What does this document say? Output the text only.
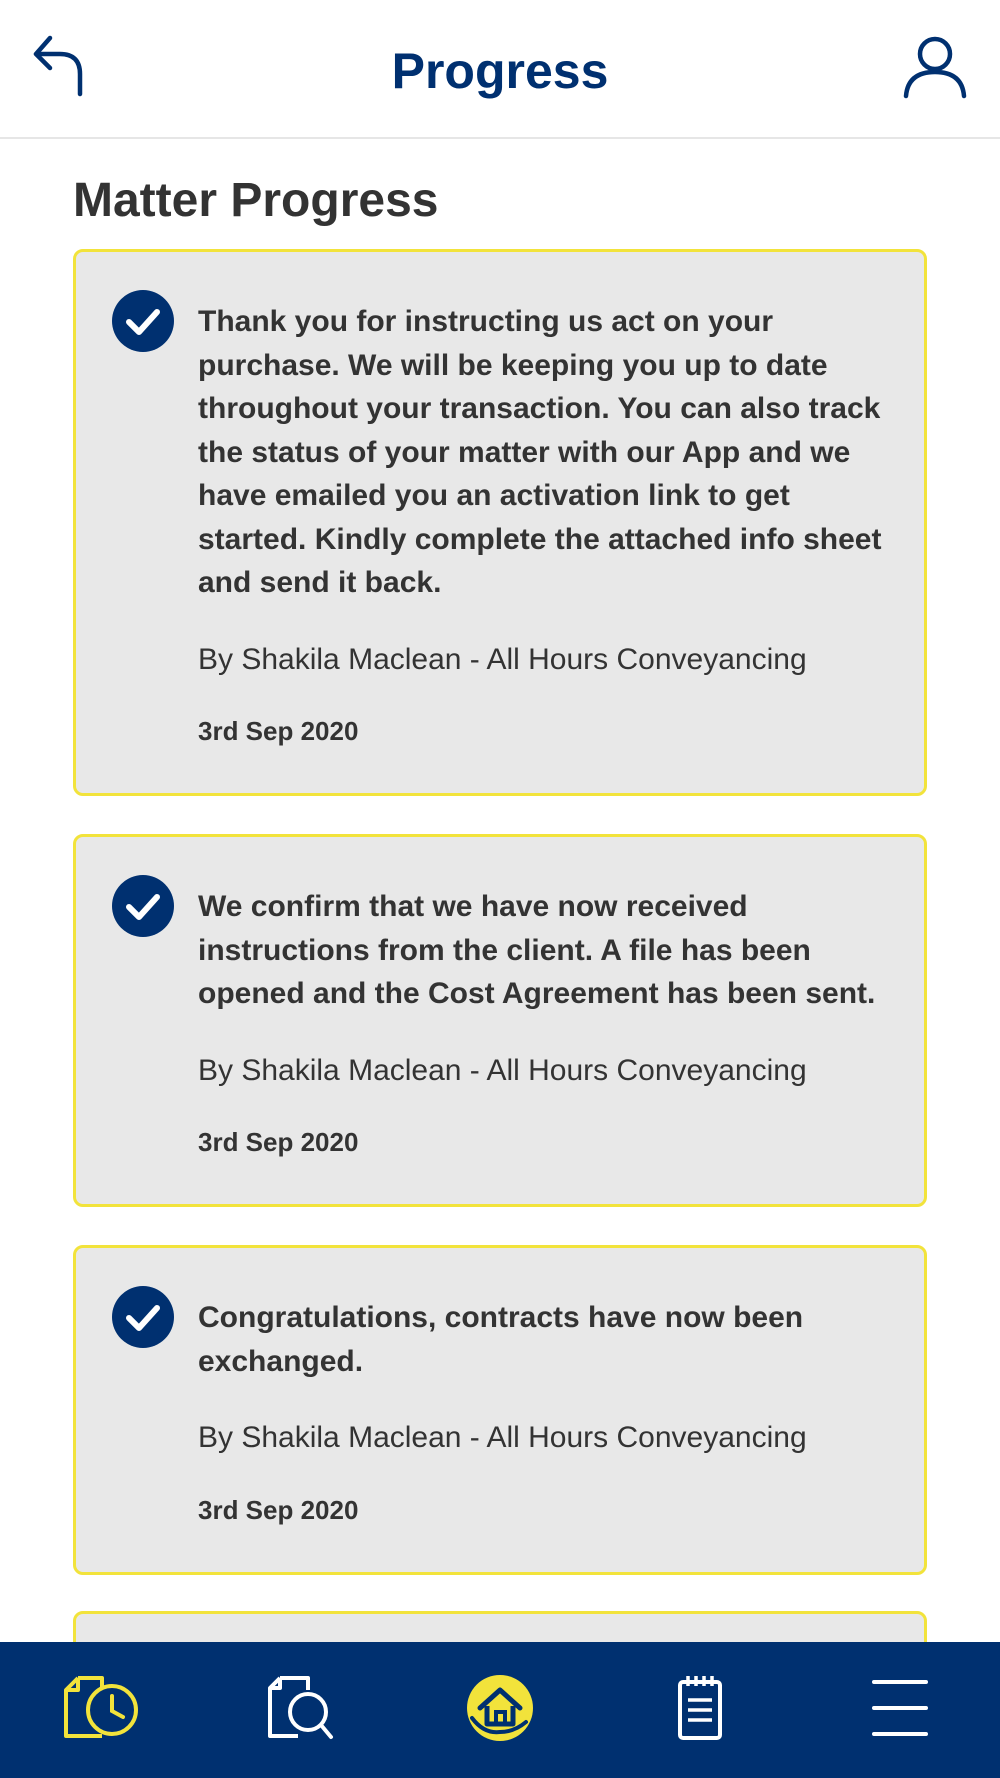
Progress
Matter Progress
Thank you for instructing us act on your purchase. We will be keeping you up to date throughout your transaction. You can also track the status of your matter with our App and we have emailed you an activation link to get started. Kindly complete the attached info sheet and send it back.
By Shakila Maclean - All Hours Conveyancing
3rd Sep 2020
We confirm that we have now received instructions from the client. A file has been opened and the Cost Agreement has been sent.
By Shakila Maclean - All Hours Conveyancing
3rd Sep 2020
Congratulations, contracts have now been exchanged.
By Shakila Maclean - All Hours Conveyancing
3rd Sep 2020
